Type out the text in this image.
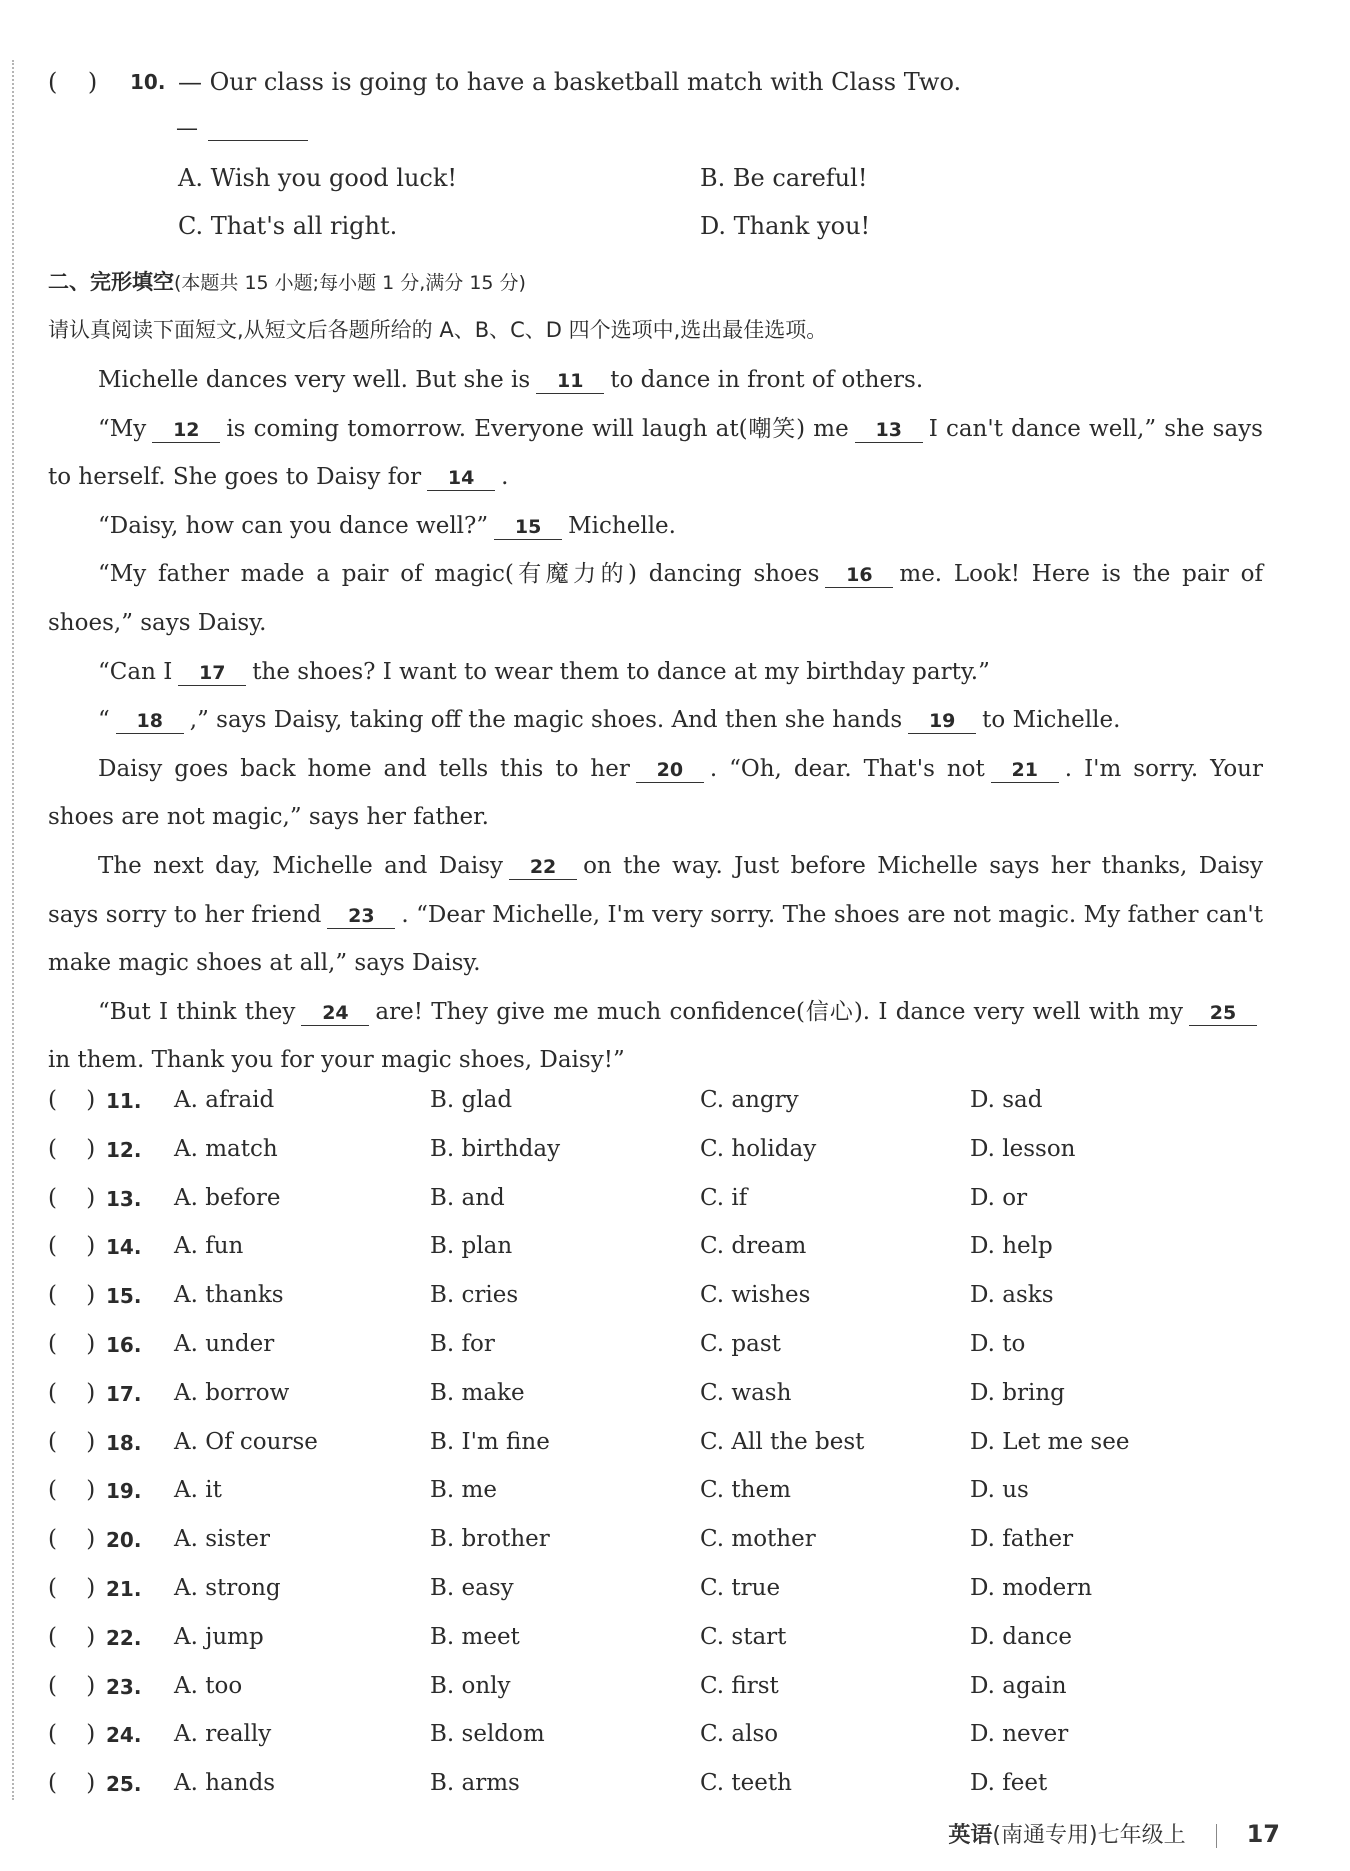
(    ) 10. — Our class is going to have a basketball match with Class Two.
—
A. Wish you good luck!	B. Be careful!
C. That's all right.	D. Thank you!
二、完形填空(本题共 15 小题;每小题 1 分,满分 15 分)
请认真阅读下面短文,从短文后各题所给的 A、B、C、D 四个选项中,选出最佳选项。

Michelle dances very well. But she is 11 to dance in front of others.

“My 12 is coming tomorrow. Everyone will laugh at(嘲笑) me 13 I can't dance well,” she says to herself. She goes to Daisy for 14 .

“Daisy, how can you dance well?” 15 Michelle.

“My father made a pair of magic(有魔力的) dancing shoes 16 me. Look! Here is the pair of shoes,” says Daisy.

“Can I 17 the shoes? I want to wear them to dance at my birthday party.”

“ 18 ,” says Daisy, taking off the magic shoes. And then she hands 19 to Michelle.

Daisy goes back home and tells this to her 20 . “Oh, dear. That's not 21 . I'm sorry. Your shoes are not magic,” says her father.

The next day, Michelle and Daisy 22 on the way. Just before Michelle says her thanks, Daisy says sorry to her friend 23 . “Dear Michelle, I'm very sorry. The shoes are not magic. My father can't make magic shoes at all,” says Daisy.

“But I think they 24 are! They give me much confidence(信心). I dance very well with my 25in them. Thank you for your magic shoes, Daisy!”

(    ) 11. A. afraid	B. glad	C. angry	D. sad
(    ) 12. A. match	B. birthday	C. holiday	D. lesson
(    ) 13. A. before	B. and	C. if	D. or
(    ) 14. A. fun	B. plan	C. dream	D. help
(    ) 15. A. thanks	B. cries	C. wishes	D. asks
(    ) 16. A. under	B. for	C. past	D. to
(    ) 17. A. borrow	B. make	C. wash	D. bring
(    ) 18. A. Of course	B. I'm fine	C. All the best	D. Let me see
(    ) 19. A. it	B. me	C. them	D. us
(    ) 20. A. sister	B. brother	C. mother	D. father
(    ) 21. A. strong	B. easy	C. true	D. modern
(    ) 22. A. jump	B. meet	C. start	D. dance
(    ) 23. A. too	B. only	C. first	D. again
(    ) 24. A. really	B. seldom	C. also	D. never
(    ) 25. A. hands	B. arms	C. teeth	D. feet
英语(南通专用)七年级上	17
